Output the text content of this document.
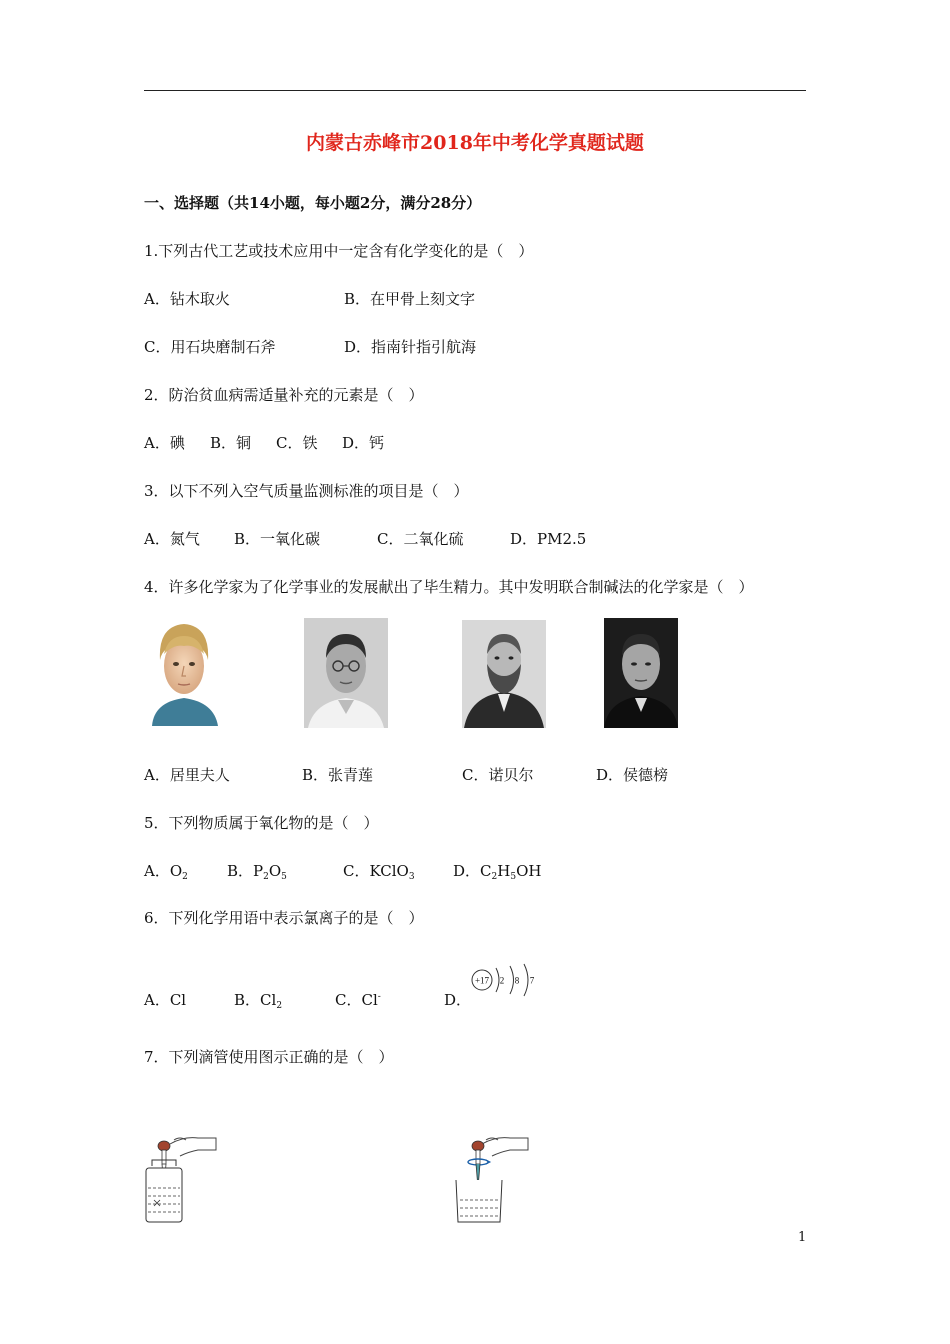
内蒙古赤峰市2018年中考化学真题试题
一、选择题（共14小题，每小题2分，满分28分）
1.下列古代工艺或技术应用中一定含有化学变化的是（　）
A．钻木取火	B．在甲骨上刻文字
C．用石块磨制石斧	D．指南针指引航海
2．防治贫血病需适量补充的元素是（　）
A．碘 B．铜 C．铁 D．钙
3．以下不列入空气质量监测标准的项目是（　）
A．氮气 B．一氧化碳	C．二氧化硫	D．PM2.5
4．许多化学家为了化学事业的发展献出了毕生精力。其中发明联合制碱法的化学家是（　）
A．居里夫人	B．张青莲	C．诺贝尔	D．侯德榜
5．下列物质属于氧化物的是（　）
A．$O_2$	B．$P_2O_5$	C．KClO$_3$	D．$C_2H_5OH$
6．下列化学用语中表示氯离子的是（　）
A．Cl	B．$Cl_2$	C．Cl-	D．
+17 2 8 7
7．下列滴管使用图示正确的是（　）
1
